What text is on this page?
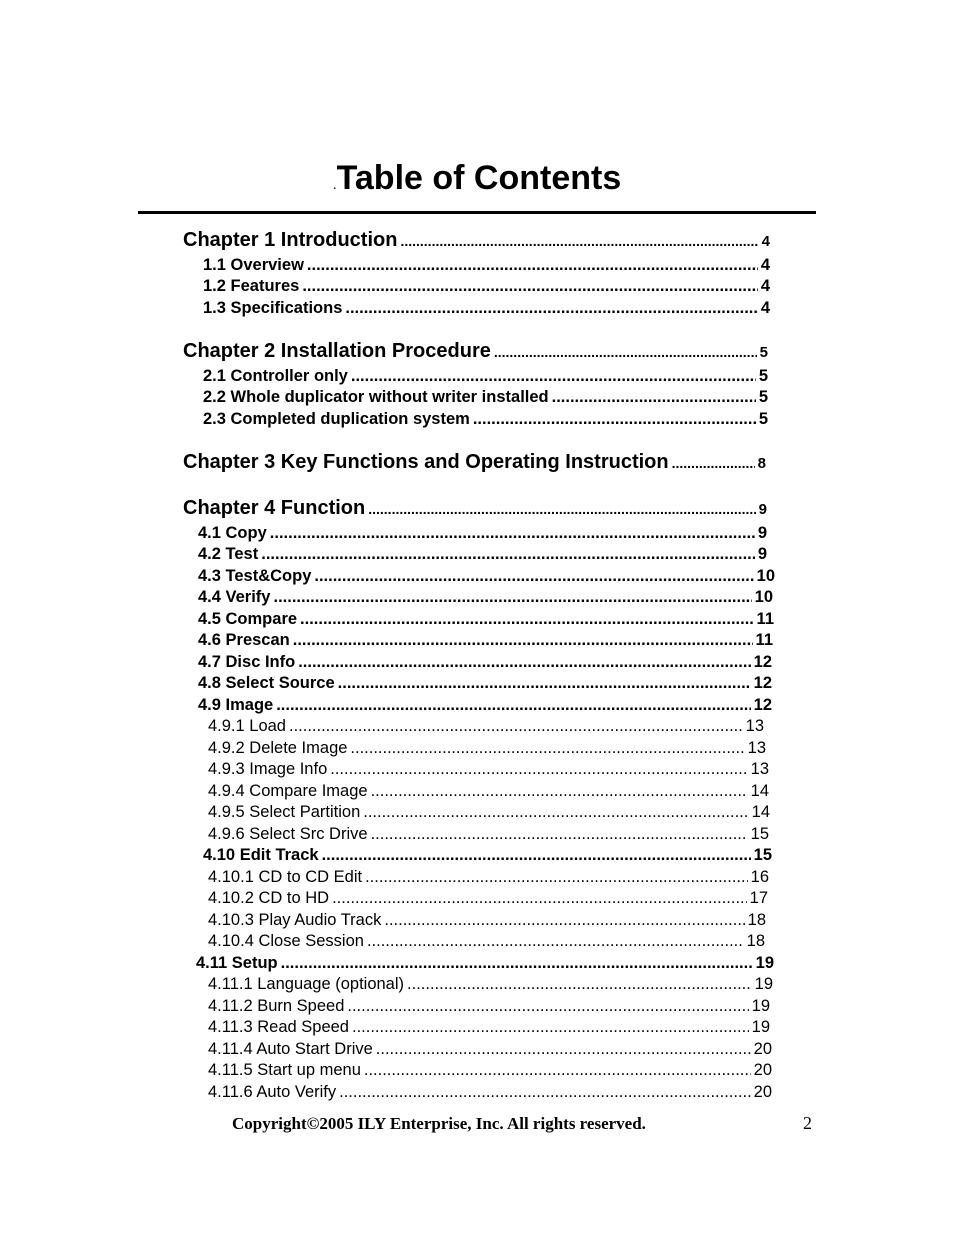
.Table of Contents
Chapter 1 Introduction .....	4
1.1 Overview .....	4
1.2 Features .....	4
1.3 Specifications .....	4
Chapter 2 Installation Procedure .....	5
2.1 Controller only .....	5
2.2 Whole duplicator without writer installed .....	5
2.3 Completed duplication system .....	5
Chapter 3 Key Functions and Operating Instruction .....	8
Chapter 4 Function .....	9
4.1 Copy .....	9
4.2 Test .....	9
4.3 Test&Copy .....	10
4.4 Verify .....	10
4.5 Compare .....	11
4.6 Prescan .....	11
4.7 Disc Info .....	12
4.8 Select Source .....	12
4.9 Image .....	12
4.9.1 Load .....	13
4.9.2 Delete Image .....	13
4.9.3 Image Info .....	13
4.9.4 Compare Image .....	14
4.9.5 Select Partition .....	14
4.9.6 Select Src Drive .....	15
4.10 Edit Track .....	15
4.10.1 CD to CD Edit .....	16
4.10.2 CD to HD .....	17
4.10.3 Play Audio Track .....	18
4.10.4 Close Session .....	18
4.11 Setup .....	19
4.11.1 Language (optional) .....	19
4.11.2 Burn Speed .....	19
4.11.3 Read Speed .....	19
4.11.4 Auto Start Drive .....	20
4.11.5 Start up menu .....	20
4.11.6 Auto Verify .....	20
Copyright©2005 ILY Enterprise, Inc. All rights reserved.	2
